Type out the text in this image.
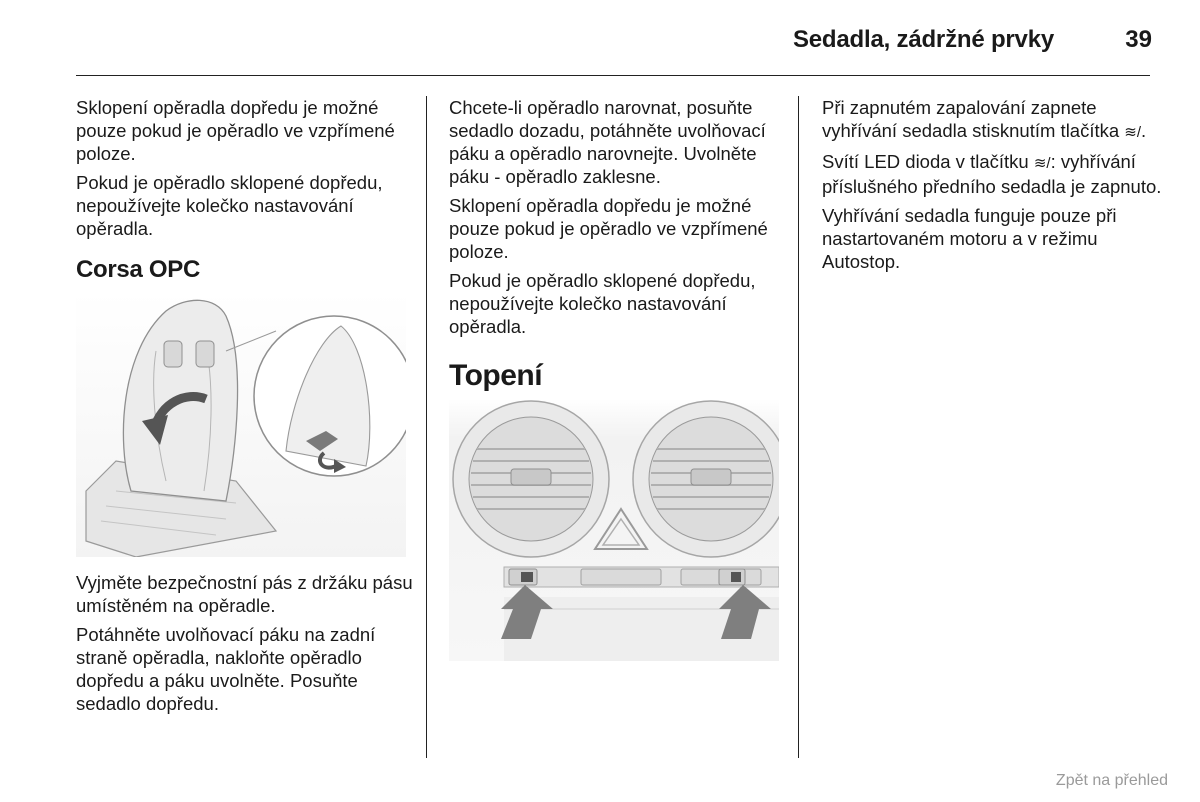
Sedadla, zádržné prvky	39

Sklopení opěradla dopředu je možné pouze pokud je opěradlo ve vzpřímené poloze.

Pokud je opěradlo sklopené dopředu, nepoužívejte kolečko nastavování opěradla.

Corsa OPC

Vyjměte bezpečnostní pás z držáku pásu umístěném na opěradle.

Potáhněte uvolňovací páku na zadní straně opěradla, nakloňte opěradlo dopředu a páku uvolněte. Posuňte sedadlo dopředu.

Chcete-li opěradlo narovnat, posuňte sedadlo dozadu, potáhněte uvolňovací páku a opěradlo narovnejte. Uvolněte páku - opěradlo zaklesne.

Sklopení opěradla dopředu je možné pouze pokud je opěradlo ve vzpřímené poloze.

Pokud je opěradlo sklopené dopředu, nepoužívejte kolečko nastavování opěradla.

Topení

Při zapnutém zapalování zapnete vyhřívání sedadla stisknutím tlačítka ≋/.

Svítí LED dioda v tlačítku ≋/: vyhřívání příslušného předního sedadla je zapnuto.

Vyhřívání sedadla funguje pouze při nastartovaném motoru a v režimu Autostop.

Zpět na přehled
